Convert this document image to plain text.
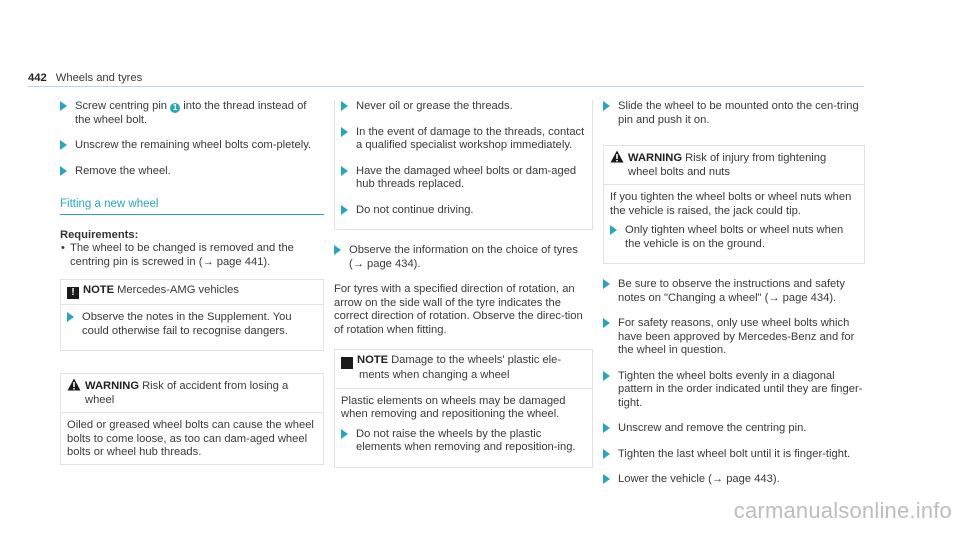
442 Wheels and tyres
Screw centring pin 1 into the thread instead of the wheel bolt.
Unscrew the remaining wheel bolts com-pletely.
Remove the wheel.
Fitting a new wheel
Requirements:
• The wheel to be changed is removed and the centring pin is screwed in (→ page 441).
! NOTE Mercedes-AMG vehicles
Observe the notes in the Supplement. You could otherwise fail to recognise dangers.
WARNING Risk of accident from losing a wheel
Oiled or greased wheel bolts can cause the wheel bolts to come loose, as too can dam-aged wheel bolts or wheel hub threads.
Never oil or grease the threads.
In the event of damage to the threads, contact a qualified specialist workshop immediately.
Have the damaged wheel bolts or dam-aged hub threads replaced.
Do not continue driving.
Observe the information on the choice of tyres (→ page 434).
For tyres with a specified direction of rotation, an arrow on the side wall of the tyre indicates the correct direction of rotation. Observe the direc-tion of rotation when fitting.
! NOTE Damage to the wheels' plastic ele-ments when changing a wheel
Plastic elements on wheels may be damaged when removing and repositioning the wheel.
Do not raise the wheels by the plastic elements when removing and reposition-ing.
Slide the wheel to be mounted onto the cen-tring pin and push it on.
WARNING Risk of injury from tightening wheel bolts and nuts
If you tighten the wheel bolts or wheel nuts when the vehicle is raised, the jack could tip.
Only tighten wheel bolts or wheel nuts when the vehicle is on the ground.
Be sure to observe the instructions and safety notes on "Changing a wheel" (→ page 434).
For safety reasons, only use wheel bolts which have been approved by Mercedes-Benz and for the wheel in question.
Tighten the wheel bolts evenly in a diagonal pattern in the order indicated until they are finger-tight.
Unscrew and remove the centring pin.
Tighten the last wheel bolt until it is finger-tight.
Lower the vehicle (→ page 443).
carmanualsonline.info
